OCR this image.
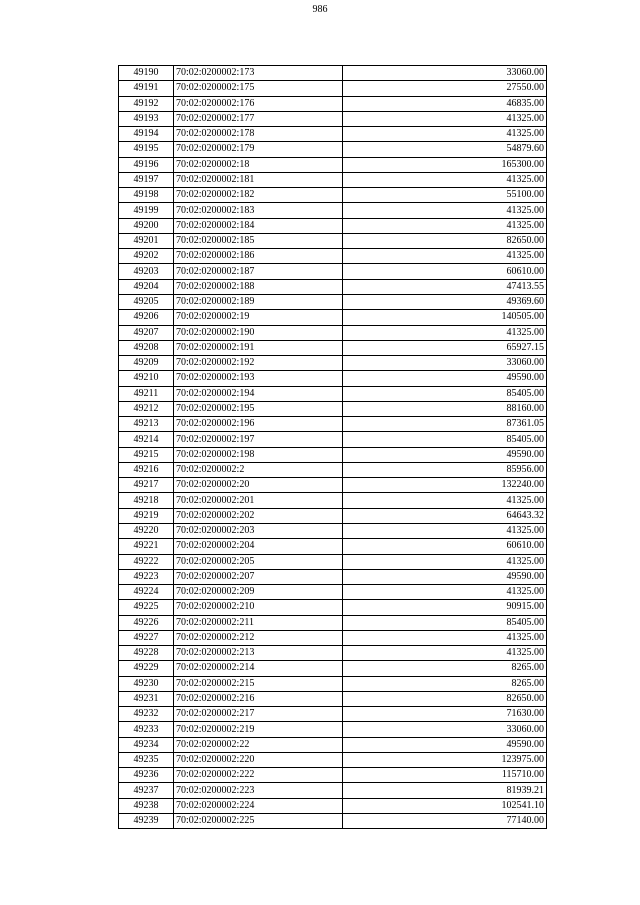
986
49190	70:02:0200002:173	33060.00
49191	70:02:0200002:175	27550.00
49192	70:02:0200002:176	46835.00
49193	70:02:0200002:177	41325.00
49194	70:02:0200002:178	41325.00
49195	70:02:0200002:179	54879.60
49196	70:02:0200002:18	165300.00
49197	70:02:0200002:181	41325.00
49198	70:02:0200002:182	55100.00
49199	70:02:0200002:183	41325.00
49200	70:02:0200002:184	41325.00
49201	70:02:0200002:185	82650.00
49202	70:02:0200002:186	41325.00
49203	70:02:0200002:187	60610.00
49204	70:02:0200002:188	47413.55
49205	70:02:0200002:189	49369.60
49206	70:02:0200002:19	140505.00
49207	70:02:0200002:190	41325.00
49208	70:02:0200002:191	65927.15
49209	70:02:0200002:192	33060.00
49210	70:02:0200002:193	49590.00
49211	70:02:0200002:194	85405.00
49212	70:02:0200002:195	88160.00
49213	70:02:0200002:196	87361.05
49214	70:02:0200002:197	85405.00
49215	70:02:0200002:198	49590.00
49216	70:02:0200002:2	85956.00
49217	70:02:0200002:20	132240.00
49218	70:02:0200002:201	41325.00
49219	70:02:0200002:202	64643.32
49220	70:02:0200002:203	41325.00
49221	70:02:0200002:204	60610.00
49222	70:02:0200002:205	41325.00
49223	70:02:0200002:207	49590.00
49224	70:02:0200002:209	41325.00
49225	70:02:0200002:210	90915.00
49226	70:02:0200002:211	85405.00
49227	70:02:0200002:212	41325.00
49228	70:02:0200002:213	41325.00
49229	70:02:0200002:214	8265.00
49230	70:02:0200002:215	8265.00
49231	70:02:0200002:216	82650.00
49232	70:02:0200002:217	71630.00
49233	70:02:0200002:219	33060.00
49234	70:02:0200002:22	49590.00
49235	70:02:0200002:220	123975.00
49236	70:02:0200002:222	115710.00
49237	70:02:0200002:223	81939.21
49238	70:02:0200002:224	102541.10
49239	70:02:0200002:225	77140.00
